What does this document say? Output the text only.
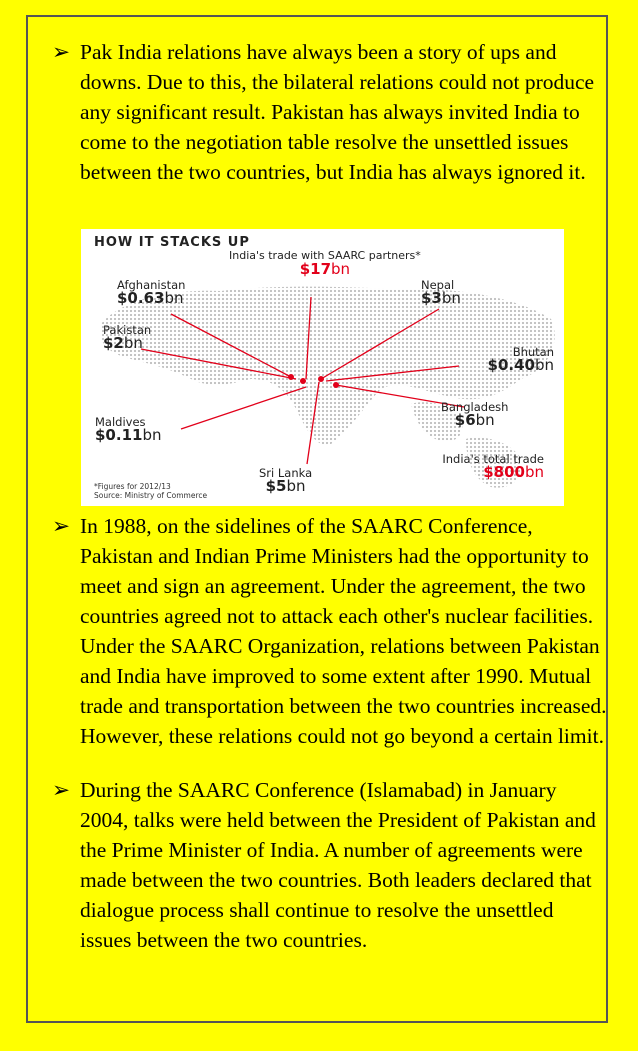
➢ Pak India relations have always been a story of ups and downs. Due to this, the bilateral relations could not produce any significant result. Pakistan has always invited India to come to the negotiation table resolve the unsettled issues between the two countries, but India has always ignored it.
HOW IT STACKS UP
India's trade with SAARC partners*
$17bn
Afghanistan
$0.63bn
Pakistan
$2bn
Maldives
$0.11bn
Sri Lanka
$5bn
Nepal
$3bn
Bhutan
$0.40bn
Bangladesh
$6bn
India's total trade
$800bn
*Figures for 2012/13
Source: Ministry of Commerce
➢ In 1988, on the sidelines of the SAARC Conference, Pakistan and Indian Prime Ministers had the opportunity to meet and sign an agreement. Under the agreement, the two countries agreed not to attack each other's nuclear facilities. Under the SAARC Organization, relations between Pakistan and India have improved to some extent after 1990. Mutual trade and transportation between the two countries increased. However, these relations could not go beyond a certain limit.
➢ During the SAARC Conference (Islamabad) in January 2004, talks were held between the President of Pakistan and the Prime Minister of India. A number of agreements were made between the two countries. Both leaders declared that dialogue process shall continue to resolve the unsettled issues between the two countries.
